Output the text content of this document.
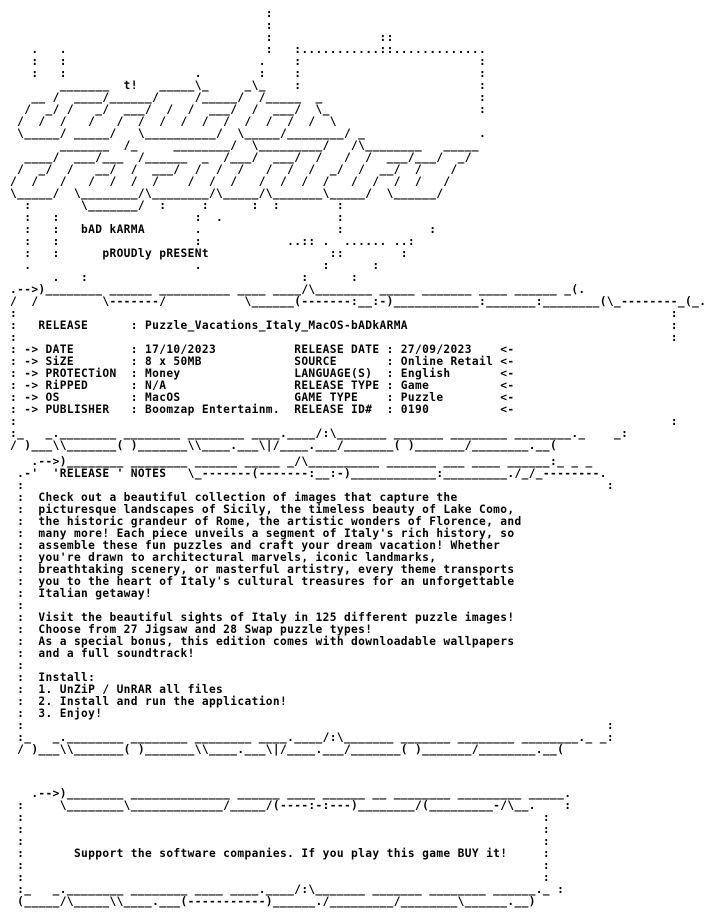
:
:
:               ::
.   .                            :   :...........::.............
:   :                           .    :                         :
:   :                  .        :    :                         :
_______  t!   _____\_     _\_    :                         :
__ /  ____/______/     /_____/  /_____  _                      :
/  _/ /   _/  ___/  /  /  ___/  /  ___/  \_                     :
/  /  /   /   /  /  /  /  /  /  /  /  /  /  \
\_____/ _____/   \__________/  \_____/________/ _                .
_______  /_     ________/  \_________/   /\________   _____
____/  ___/___  /______  _  /___/  ___/  /   /  /  ___/___/  _/
/  _/  /   __/  /  ___/  /  /  /   /  /  /  _/  /  __/  /    /
/  /   /   /  /  /  /    /  /  /   /  /  /  /   /  /  /  /   /
\_____/  \________/\________/\_____/\_______\_____/  \______/
:       \_______/  :     :      :  :        :
:   :                   :  .                :
:   :   bAD kARMA       .                   :            :
:   :                   :            ..:: .  ...... ..:
:   :      pROUDly pRESENt                 ::        :
.                       .                 :      :
.   :                              :      :
.-->)________ ______ __________ ____ ____/\________ _____ _______ ____ ______ _(.
/  /         \-------/           \______(-------:__:-)____________:_______:________(\_--------_(_.
:                                                                                            :
:   RELEASE      : Puzzle_Vacations_Italy_MacOS-bADkARMA                                     :
:                                                                                            :
: -> DATE        : 17/10/2023           RELEASE DATE : 27/09/2023    <-
: -> SiZE        : 8 x 50MB             SOURCE       : Online Retail <-
: -> PROTECTiON  : Money                LANGUAGE(S)  : English       <-
: -> RiPPED      : N/A                  RELEASE TYPE : Game          <-
: -> OS          : MacOS                GAME TYPE    : Puzzle        <-
: -> PUBLISHER   : Boomzap Entertainm.  RELEASE ID#  : 0190          <-
:                                                                                            :
:_   _.________ ________ ________ ____.____/:\_______ _______ ________ ________._    _:
/ )___\\_______( )_______\\____.___\|/____.___/_______( )_______/________.__(
.-->)________ ________ ______ _____ _/\__________ _______ ___ ____ ______:_ _ _
.-'  'RELEASE ' NOTES   \_-------(-------:__:-)____________:_________./_/_--------.
:                                                                                  :
:  Check out a beautiful collection of images that capture the
:  picturesque landscapes of Sicily, the timeless beauty of Lake Como,
:  the historic grandeur of Rome, the artistic wonders of Florence, and
:  many more! Each piece unveils a segment of Italy's rich history, so
:  assemble these fun puzzles and craft your dream vacation! Whether
:  you're drawn to architectural marvels, iconic landmarks,
:  breathtaking scenery, or masterful artistry, every theme transports
:  you to the heart of Italy's cultural treasures for an unforgettable
:  Italian getaway!
:
:  Visit the beautiful sights of Italy in 125 different puzzle images!
:  Choose from 27 Jigsaw and 28 Swap puzzle types!
:  As a special bonus, this edition comes with downloadable wallpapers
:  and a full soundtrack!
:
:  Install:
:  1. UnZiP / UnRAR all files
:  2. Install and run the application!
:  3. Enjoy!
:                                                                                  :
:_   _.________ ________ ________ ____.____/:\_______ _______ ________ ________._ _:
/ )___\\_______( )_______\\____.___\|/____.___/_______( )_______/________.__(
.-->)________ ______________ ______ ____ ______ __ ________ _________ _____.
:     \________\_____________/_____/(----:-:---)________/(_________-/\__.    :
:                                                                         :
:                                                                         :
:                                                                         :
:       Support the software companies. If you play this game BUY it!     :
:                                                                         :
:                                                                         :
:_   _.________ ________ ____ ____.____/:\_______ _______ ________ ______._ :
(_____/\_____\\____.___(-----------)______./_________/________\______.__)
